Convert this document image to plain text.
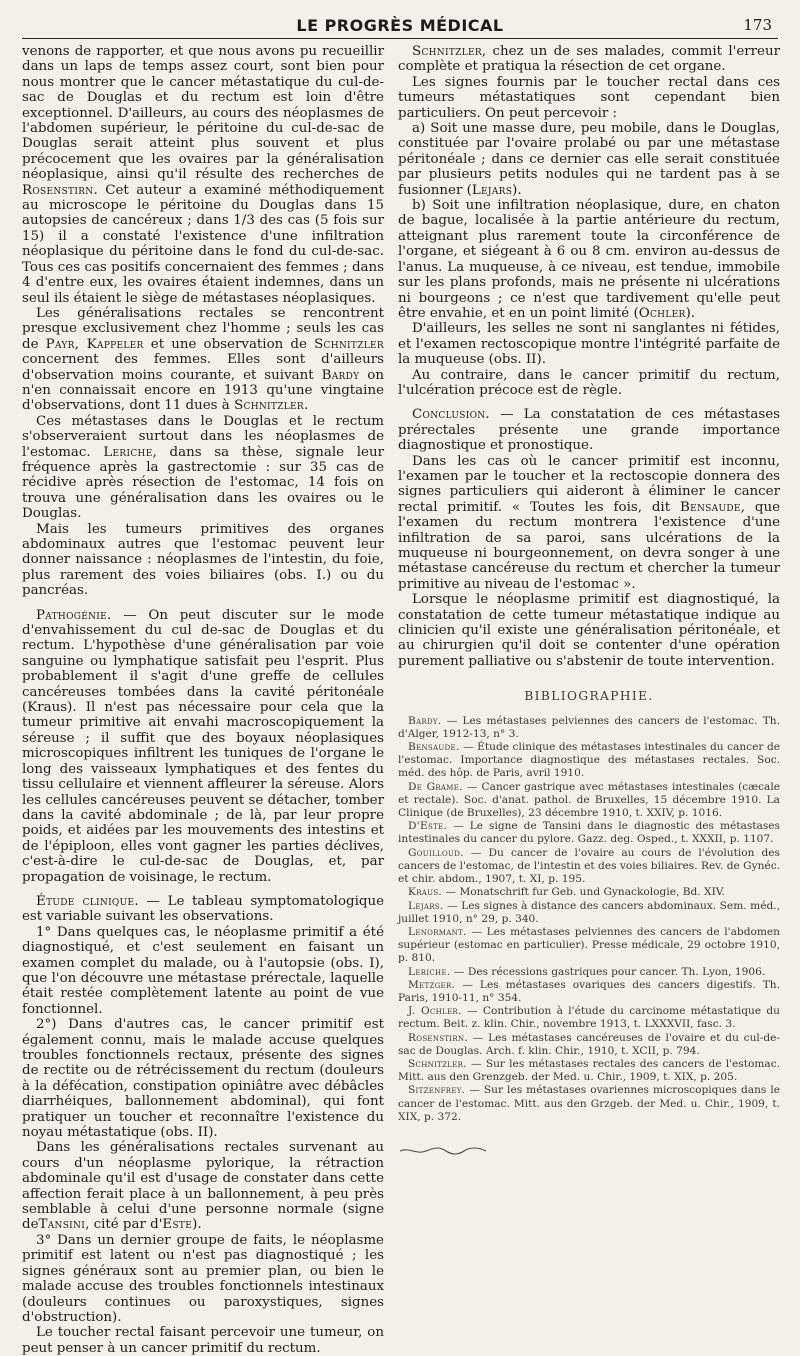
LE PROGRÈS MÉDICAL	173

venons de rapporter, et que nous avons pu recueillir dans un laps de temps assez court, sont bien pour nous montrer que le cancer métastatique du cul-de-sac de Douglas et du rectum est loin d'être exceptionnel. D'ailleurs, au cours des néoplasmes de l'abdomen supérieur, le péritoine du cul-de-sac de Douglas serait atteint plus souvent et plus précocement que les ovaires par la généralisation néoplasique, ainsi qu'il résulte des recherches de Rosenstirn. Cet auteur a examiné méthodiquement au microscope le péritoine du Douglas dans 15 autopsies de cancéreux ; dans 1/3 des cas (5 fois sur 15) il a constaté l'existence d'une infiltration néoplasique du péritoine dans le fond du cul-de-sac. Tous ces cas positifs concernaient des femmes ; dans 4 d'entre eux, les ovaires étaient indemnes, dans un seul ils étaient le siège de métastases néoplasiques.

Les généralisations rectales se rencontrent presque exclusivement chez l'homme ; seuls les cas de Payr, Kappeler et une observation de Schnitzler concernent des femmes. Elles sont d'ailleurs d'observation moins courante, et suivant Bardy on n'en connaissait encore en 1913 qu'une vingtaine d'observations, dont 11 dues à Schnitzler.

Ces métastases dans le Douglas et le rectum s'observeraient surtout dans les néoplasmes de l'estomac. Leriche, dans sa thèse, signale leur fréquence après la gastrectomie : sur 35 cas de récidive après résection de l'estomac, 14 fois on trouva une généralisation dans les ovaires ou le Douglas.

Mais les tumeurs primitives des organes abdominaux autres que l'estomac peuvent leur donner naissance : néoplasmes de l'intestin, du foie, plus rarement des voies biliaires (obs. I.) ou du pancréas.

Pathogénie. — On peut discuter sur le mode d'envahissement du cul de-sac de Douglas et du rectum. L'hypothèse d'une généralisation par voie sanguine ou lymphatique satisfait peu l'esprit. Plus probablement il s'agit d'une greffe de cellules cancéreuses tombées dans la cavité péritonéale (Kraus). Il n'est pas nécessaire pour cela que la tumeur primitive ait envahi macroscopiquement la séreuse ; il suffit que des boyaux néoplasiques microscopiques infiltrent les tuniques de l'organe le long des vaisseaux lymphatiques et des fentes du tissu cellulaire et viennent affleurer la séreuse. Alors les cellules cancéreuses peuvent se détacher, tomber dans la cavité abdominale ; de là, par leur propre poids, et aidées par les mouvements des intestins et de l'épiploon, elles vont gagner les parties déclives, c'est-à-dire le cul-de-sac de Douglas, et, par propagation de voisinage, le rectum.

Étude clinique. — Le tableau symptomatologique est variable suivant les observations.

1° Dans quelques cas, le néoplasme primitif a été diagnostiqué, et c'est seulement en faisant un examen complet du malade, ou à l'autopsie (obs. I), que l'on découvre une métastase prérectale, laquelle était restée complètement latente au point de vue fonctionnel.

2°) Dans d'autres cas, le cancer primitif est également connu, mais le malade accuse quelques troubles fonctionnels rectaux, présente des signes de rectite ou de rétrécissement du rectum (douleurs à la défécation, constipation opiniâtre avec débâcles diarrhéiques, ballonnement abdominal), qui font pratiquer un toucher et reconnaître l'existence du noyau métastatique (obs. II).

Dans les généralisations rectales survenant au cours d'un néoplasme pylorique, la rétraction abdominale qu'il est d'usage de constater dans cette affection ferait place à un ballonnement, à peu près semblable à celui d'une personne normale (signe deTansini, cité par d'Este).

3° Dans un dernier groupe de faits, le néoplasme primitif est latent ou n'est pas diagnostiqué ; les signes généraux sont au premier plan, ou bien le malade accuse des troubles fonctionnels intestinaux (douleurs continues ou paroxystiques, signes d'obstruction).

Le toucher rectal faisant percevoir une tumeur, on peut penser à un cancer primitif du rectum.

Schnitzler, chez un de ses malades, commit l'erreur complète et pratiqua la résection de cet organe.

Les signes fournis par le toucher rectal dans ces tumeurs métastatiques sont cependant bien particuliers. On peut percevoir :

a) Soit une masse dure, peu mobile, dans le Douglas, constituée par l'ovaire prolabé ou par une métastase péritonéale ; dans ce dernier cas elle serait constituée par plusieurs petits nodules qui ne tardent pas à se fusionner (Lejars).

b) Soit une infiltration néoplasique, dure, en chaton de bague, localisée à la partie antérieure du rectum, atteignant plus rarement toute la circonférence de l'organe, et siégeant à 6 ou 8 cm. environ au-dessus de l'anus. La muqueuse, à ce niveau, est tendue, immobile sur les plans profonds, mais ne présente ni ulcérations ni bourgeons ; ce n'est que tardivement qu'elle peut être envahie, et en un point limité (Ochler).

D'ailleurs, les selles ne sont ni sanglantes ni fétides, et l'examen rectoscopique montre l'intégrité parfaite de la muqueuse (obs. II).

Au contraire, dans le cancer primitif du rectum, l'ulcération précoce est de règle.

Conclusion. — La constatation de ces métastases prérectales présente une grande importance diagnostique et pronostique.

Dans les cas où le cancer primitif est inconnu, l'examen par le toucher et la rectoscopie donnera des signes particuliers qui aideront à éliminer le cancer rectal primitif. « Toutes les fois, dit Bensaude, que l'examen du rectum montrera l'existence d'une infiltration de sa paroi, sans ulcérations de la muqueuse ni bourgeonnement, on devra songer à une métastase cancéreuse du rectum et chercher la tumeur primitive au niveau de l'estomac ».

Lorsque le néoplasme primitif est diagnostiqué, la constatation de cette tumeur métastatique indique au clinicien qu'il existe une généralisation péritonéale, et au chirurgien qu'il doit se contenter d'une opération purement palliative ou s'abstenir de toute intervention.

BIBLIOGRAPHIE.

Bardy. — Les métastases pelviennes des cancers de l'estomac. Th. d'Alger, 1912-13, n° 3.

Bensaude. — Étude clinique des métastases intestinales du cancer de l'estomac. Importance diagnostique des métastases rectales. Soc. méd. des hôp. de Paris, avril 1910.

De Grame. — Cancer gastrique avec métastases intestinales (cæcale et rectale). Soc. d'anat. pathol. de Bruxelles, 15 décembre 1910. La Clinique (de Bruxelles), 23 décembre 1910, t. XXIV, p. 1016.

D'Este. — Le signe de Tansini dans le diagnostic des métastases intestinales du cancer du pylore. Gazz. deg. Osped., t. XXXII, p. 1107.

Gouilloud. — Du cancer de l'ovaire au cours de l'évolution des cancers de l'estomac, de l'intestin et des voies biliaires. Rev. de Gynéc. et chir. abdom., 1907, t. XI, p. 195.

Kraus. — Monatschrift fur Geb. und Gynackologie, Bd. XIV.

Lejars. — Les signes à distance des cancers abdominaux. Sem. méd., juillet 1910, n° 29, p. 340.

Lenormant. — Les métastases pelviennes des cancers de l'abdomen supérieur (estomac en particulier). Presse médicale, 29 octobre 1910, p. 810.

Leriche. — Des récessions gastriques pour cancer. Th. Lyon, 1906.

Metzger. — Les métastases ovariques des cancers digestifs. Th. Paris, 1910-11, n° 354.

J. Ochler. — Contribution à l'étude du carcinome métastatique du rectum. Beit. z. klin. Chir., novembre 1913, t. LXXXVII, fasc. 3.

Rosenstirn. — Les métastases cancéreuses de l'ovaire et du cul-de-sac de Douglas. Arch. f. klin. Chir., 1910, t. XCII, p. 794.

Schnitzler. — Sur les métastases rectales des cancers de l'estomac. Mitt. aus den Grenzgeb. der Med. u. Chir., 1909, t. XIX, p. 205.

Sitzenfrey. — Sur les métastases ovariennes microscopiques dans le cancer de l'estomac. Mitt. aus den Grzgeb. der Med. u. Chir., 1909, t. XIX, p. 372.
